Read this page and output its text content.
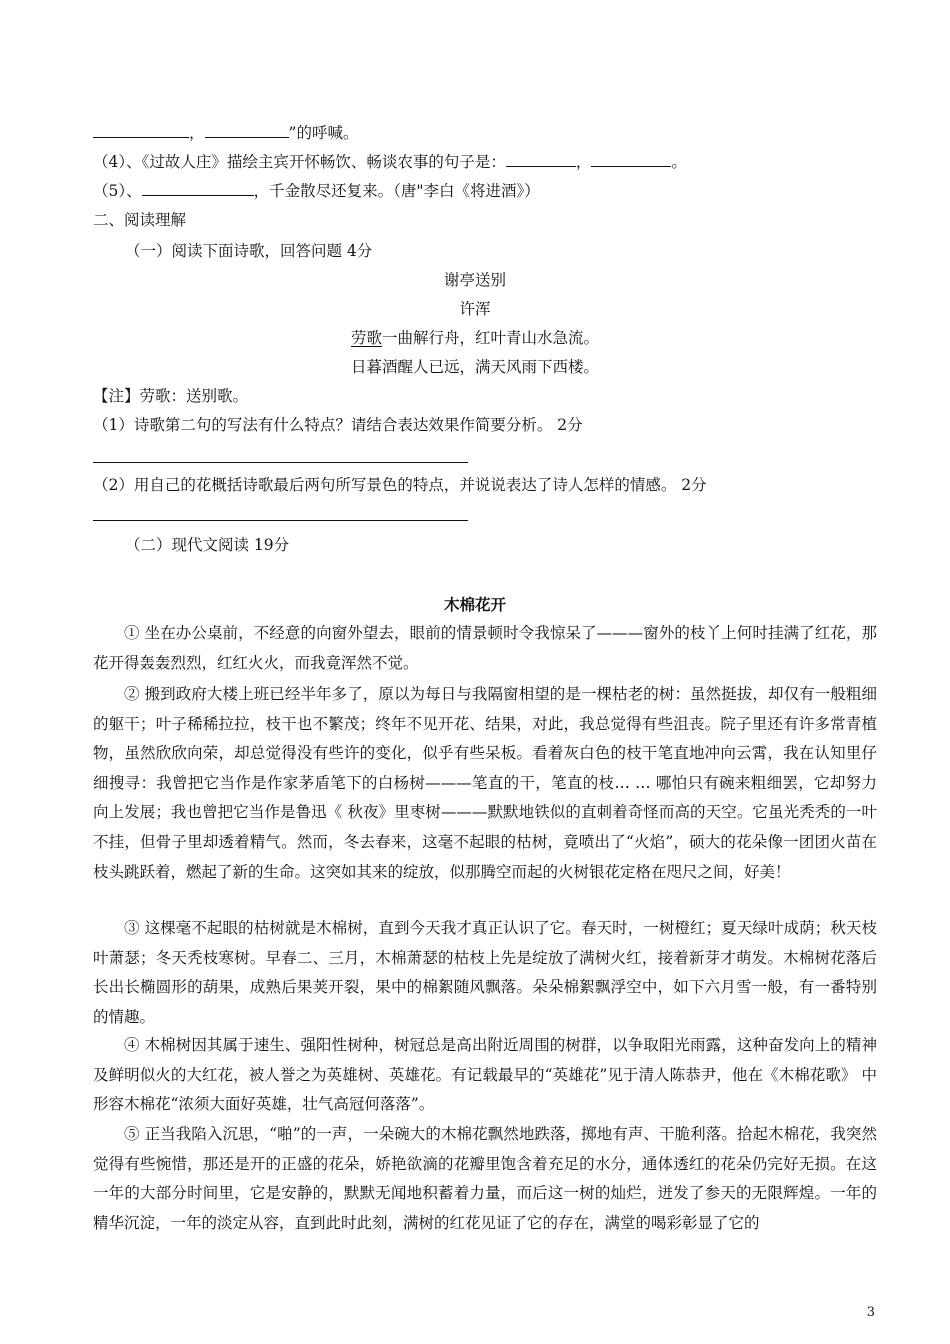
，	”的呼喊。
（4）、《过故人庄》描绘主宾开怀畅饮、畅谈农事的句子是：	，	。
（5）、	，千金散尽还复来。（唐"李白《将进酒》）
二、阅读理解
（一）阅读下面诗歌，回答问题 4分
谢亭送别
许浑
劳歌一曲解行舟，红叶青山水急流。
日暮酒醒人已远，满天风雨下西楼。
【注】劳歌：送别歌。
（1）诗歌第二句的写法有什么特点？请结合表达效果作简要分析。 2分
（2）用自己的花概括诗歌最后两句所写景色的特点，并说说表达了诗人怎样的情感。 2分
（二）现代文阅读 19分
木棉花开

① 坐在办公桌前，不经意的向窗外望去，眼前的情景顿时令我惊呆了———窗外的枝丫上何时挂满了红花，那花开得轰轰烈烈，红红火火，而我竟浑然不觉。

② 搬到政府大楼上班已经半年多了，原以为每日与我隔窗相望的是一棵枯老的树：虽然挺拔，却仅有一般粗细的躯干；叶子稀稀拉拉，枝干也不繁茂；终年不见开花、结果，对此，我总觉得有些沮丧。院子里还有许多常青植物，虽然欣欣向荣，却总觉得没有些许的变化，似乎有些呆板。看着灰白色的枝干笔直地冲向云霄，我在认知里仔细搜寻：我曾把它当作是作家茅盾笔下的白杨树———笔直的干，笔直的枝… … 哪怕只有碗来粗细罢，它却努力向上发展；我也曾把它当作是鲁迅《 秋夜》里枣树———默默地铁似的直刺着奇怪而高的天空。它虽光秃秃的一叶不挂，但骨子里却透着精气。然而，冬去春来，这毫不起眼的枯树，竟喷出了“火焰”，硕大的花朵像一团团火苗在枝头跳跃着，燃起了新的生命。这突如其来的绽放，似那腾空而起的火树银花定格在咫尺之间，好美！

③ 这棵毫不起眼的枯树就是木棉树，直到今天我才真正认识了它。春天时，一树橙红；夏天绿叶成荫；秋天枝叶萧瑟；冬天秃枝寒树。早春二、三月，木棉萧瑟的枯枝上先是绽放了满树火红，接着新芽才萌发。木棉树花落后长出长椭圆形的葫果，成熟后果荚开裂，果中的棉絮随风飘落。朵朵棉絮飘浮空中，如下六月雪一般，有一番特别的情趣。

④ 木棉树因其属于速生、强阳性树种，树冠总是高出附近周围的树群，以争取阳光雨露，这种奋发向上的精神及鲜明似火的大红花，被人誉之为英雄树、英雄花。有记载最早的“英雄花”见于清人陈恭尹，他在《木棉花歌》 中形容木棉花“浓须大面好英雄，壮气高冠何落落”。

⑤ 正当我陷入沉思，“啪”的一声，一朵碗大的木棉花飘然地跌落，掷地有声、干脆利落。拾起木棉花，我突然觉得有些惋惜，那还是开的正盛的花朵，娇艳欲滴的花瓣里饱含着充足的水分，通体透红的花朵仍完好无损。在这一年的大部分时间里，它是安静的，默默无闻地积蓄着力量，而后这一树的灿烂，迸发了参天的无限辉煌。一年的精华沉淀，一年的淡定从容，直到此时此刻，满树的红花见证了它的存在，满堂的喝彩彰显了它的

3
